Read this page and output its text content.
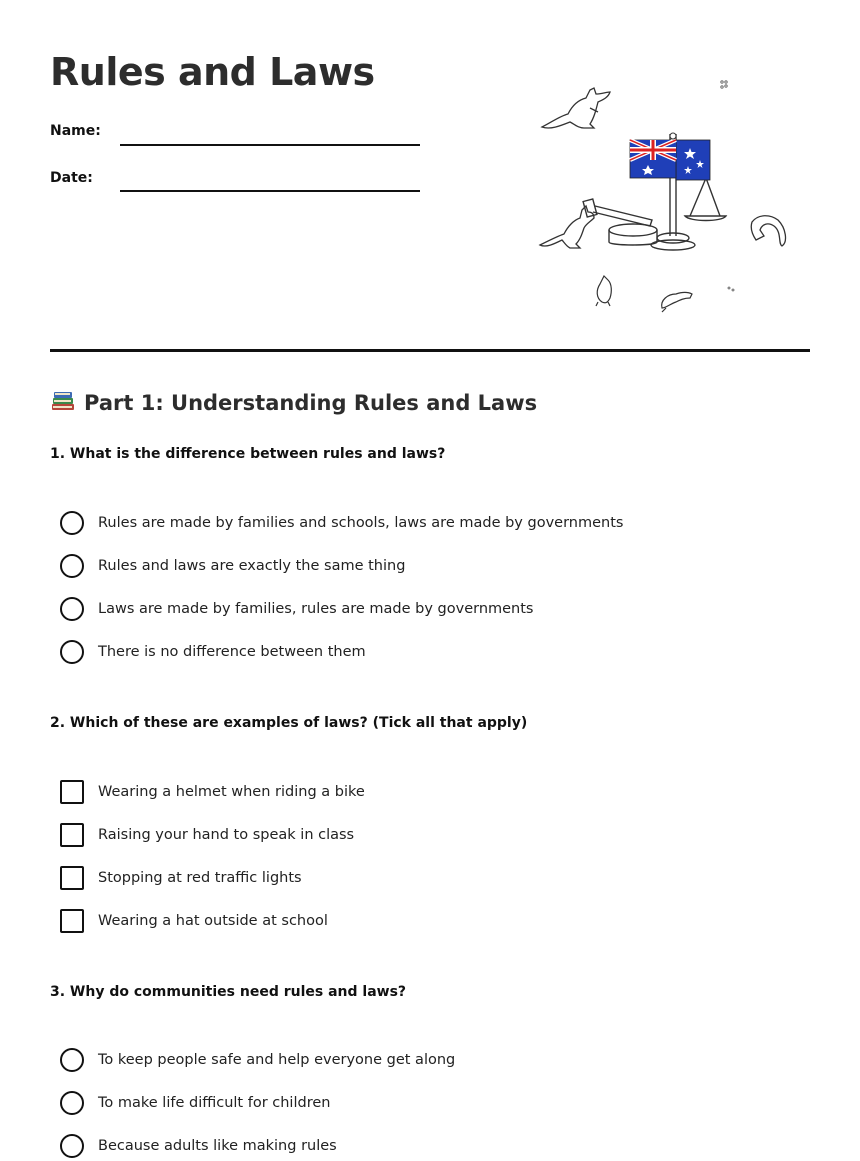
Rules and Laws
Name:
Date:
Part 1: Understanding Rules and Laws

1. What is the difference between rules and laws?

Rules are made by families and schools, laws are made by governments
Rules and laws are exactly the same thing
Laws are made by families, rules are made by governments
There is no difference between them

2. Which of these are examples of laws? (Tick all that apply)

Wearing a helmet when riding a bike
Raising your hand to speak in class
Stopping at red traffic lights
Wearing a hat outside at school

3. Why do communities need rules and laws?

To keep people safe and help everyone get along
To make life difficult for children
Because adults like making rules
